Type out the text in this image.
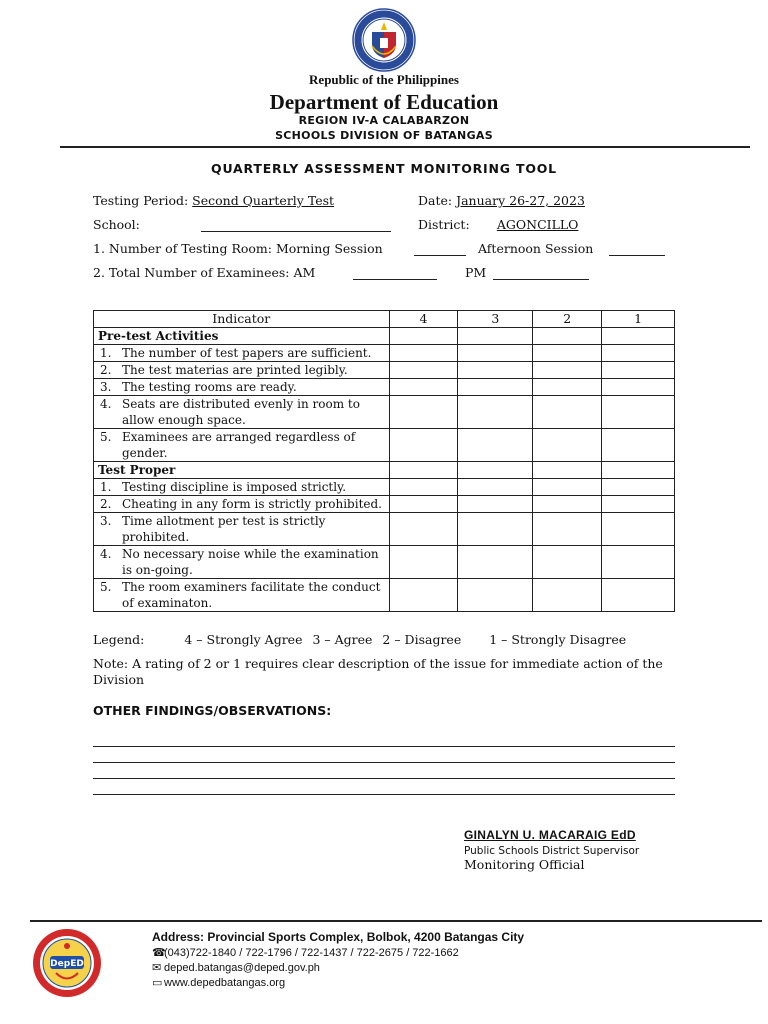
Republic of the Philippines
Department of Education
REGION IV-A CALABARZON
SCHOOLS DIVISION OF BATANGAS
QUARTERLY ASSESSMENT MONITORING TOOL
Testing Period: Second Quarterly Test	Date: January 26-27, 2023
School:	District: AGONCILLO
1. Number of Testing Room: Morning Session	Afternoon Session
2. Total Number of Examinees: AM	PM
Indicator	4	3	2	1
Pre-test Activities				

1. The number of test papers are sufficient.				

2. The test materias are printed legibly.				

3. The testing rooms are ready.				

4. Seats are distributed evenly in room to allow enough space.				

5. Examinees are arranged regardless of gender.				

Test Proper				

1. Testing discipline is imposed strictly.				

2. Cheating in any form is strictly prohibited.				

3. Time allotment per test is strictly prohibited.				

4. No necessary noise while the examination is on-going.				

5. The room examiners facilitate the conduct of examinaton.				

Legend:	4 – Strongly Agree 3 – Agree 2 – Disagree 1 – Strongly Disagree
Note: A rating of 2 or 1 requires clear description of the issue for immediate action of the Division
OTHER FINDINGS/OBSERVATIONS:
GINALYN U. MACARAIG EdD
Public Schools District Supervisor
Monitoring Official
DepED
Address: Provincial Sports Complex, Bolbok, 4200 Batangas City
☎(043)722-1840 / 722-1796 / 722-1437 / 722-2675 / 722-1662
✉ deped.batangas@deped.gov.ph
▭ www.depedbatangas.org
